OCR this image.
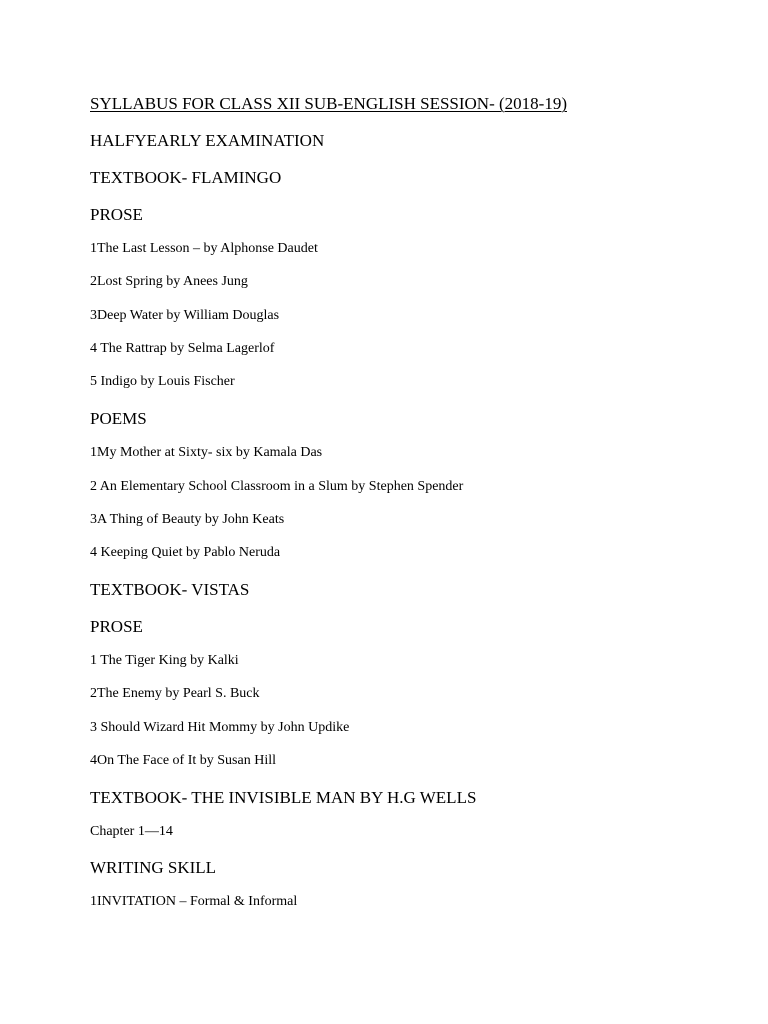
SYLLABUS FOR CLASS XII SUB-ENGLISH SESSION- (2018-19)
HALFYEARLY EXAMINATION
TEXTBOOK- FLAMINGO
PROSE
1The Last Lesson – by Alphonse Daudet
2Lost Spring by Anees Jung
3Deep Water by William Douglas
4 The Rattrap by Selma Lagerlof
5 Indigo by Louis Fischer
POEMS
1My Mother at Sixty- six by Kamala Das
2 An Elementary School Classroom in a Slum by Stephen Spender
3A Thing of Beauty by John Keats
4 Keeping Quiet by Pablo Neruda
TEXTBOOK- VISTAS
PROSE
1 The Tiger King by Kalki
2The Enemy by Pearl S. Buck
3 Should Wizard Hit Mommy by John Updike
4On The Face of It by Susan Hill
TEXTBOOK- THE INVISIBLE MAN BY H.G WELLS
Chapter 1—14
WRITING SKILL
1INVITATION – Formal & Informal
